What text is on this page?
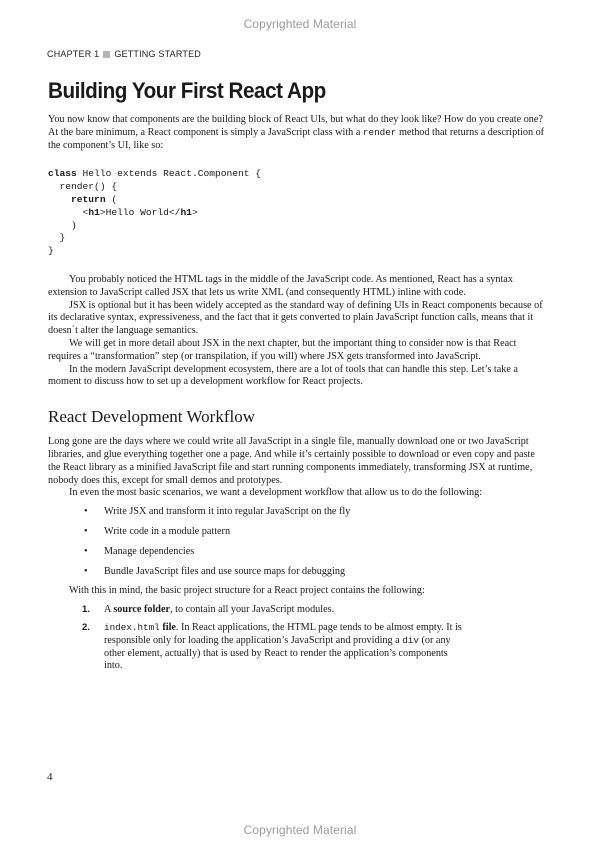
Copyrighted Material
CHAPTER 1 GETTING STARTED
Building Your First React App

You now know that components are the building block of React UIs, but what do they look like? How do you create one? At the bare minimum, a React component is simply a JavaScript class with a render method that returns a description of the component’s UI, like so:

class Hello extends React.Component {
render() {
return (
<h1>Hello World</h1>
)
}
}

You probably noticed the HTML tags in the middle of the JavaScript code. As mentioned, React has a syntax extension to JavaScript called JSX that lets us write XML (and consequently HTML) inline with code.

JSX is optional but it has been widely accepted as the standard way of defining UIs in React components because of its declarative syntax, expressiveness, and the fact that it gets converted to plain JavaScript function calls, means that it doesn´t alter the language semantics.

We will get in more detail about JSX in the next chapter, but the important thing to consider now is that React requires a “transformation” step (or transpilation, if you will) where JSX gets transformed into JavaScript.

In the modern JavaScript development ecosystem, there are a lot of tools that can handle this step. Let’s take a moment to discuss how to set up a development workflow for React projects.

React Development Workflow

Long gone are the days where we could write all JavaScript in a single file, manually download one or two JavaScript libraries, and glue everything together one a page. And while it’s certainly possible to download or even copy and paste the React library as a minified JavaScript file and start running components immediately, transforming JSX at runtime, nobody does this, except for small demos and prototypes.

In even the most basic scenarios, we want a development workflow that allow us to do the following:

• Write JSX and transform it into regular JavaScript on the fly
• Write code in a module pattern
• Manage dependencies
• Bundle JavaScript files and use source maps for debugging

With this in mind, the basic project structure for a React project contains the following:

1. A source folder, to contain all your JavaScript modules.
2. index.html file. In React applications, the HTML page tends to be almost empty. It is responsible only for loading the application’s JavaScript and providing a div (or any other element, actually) that is used by React to render the application’s components into.
4
Copyrighted Material
